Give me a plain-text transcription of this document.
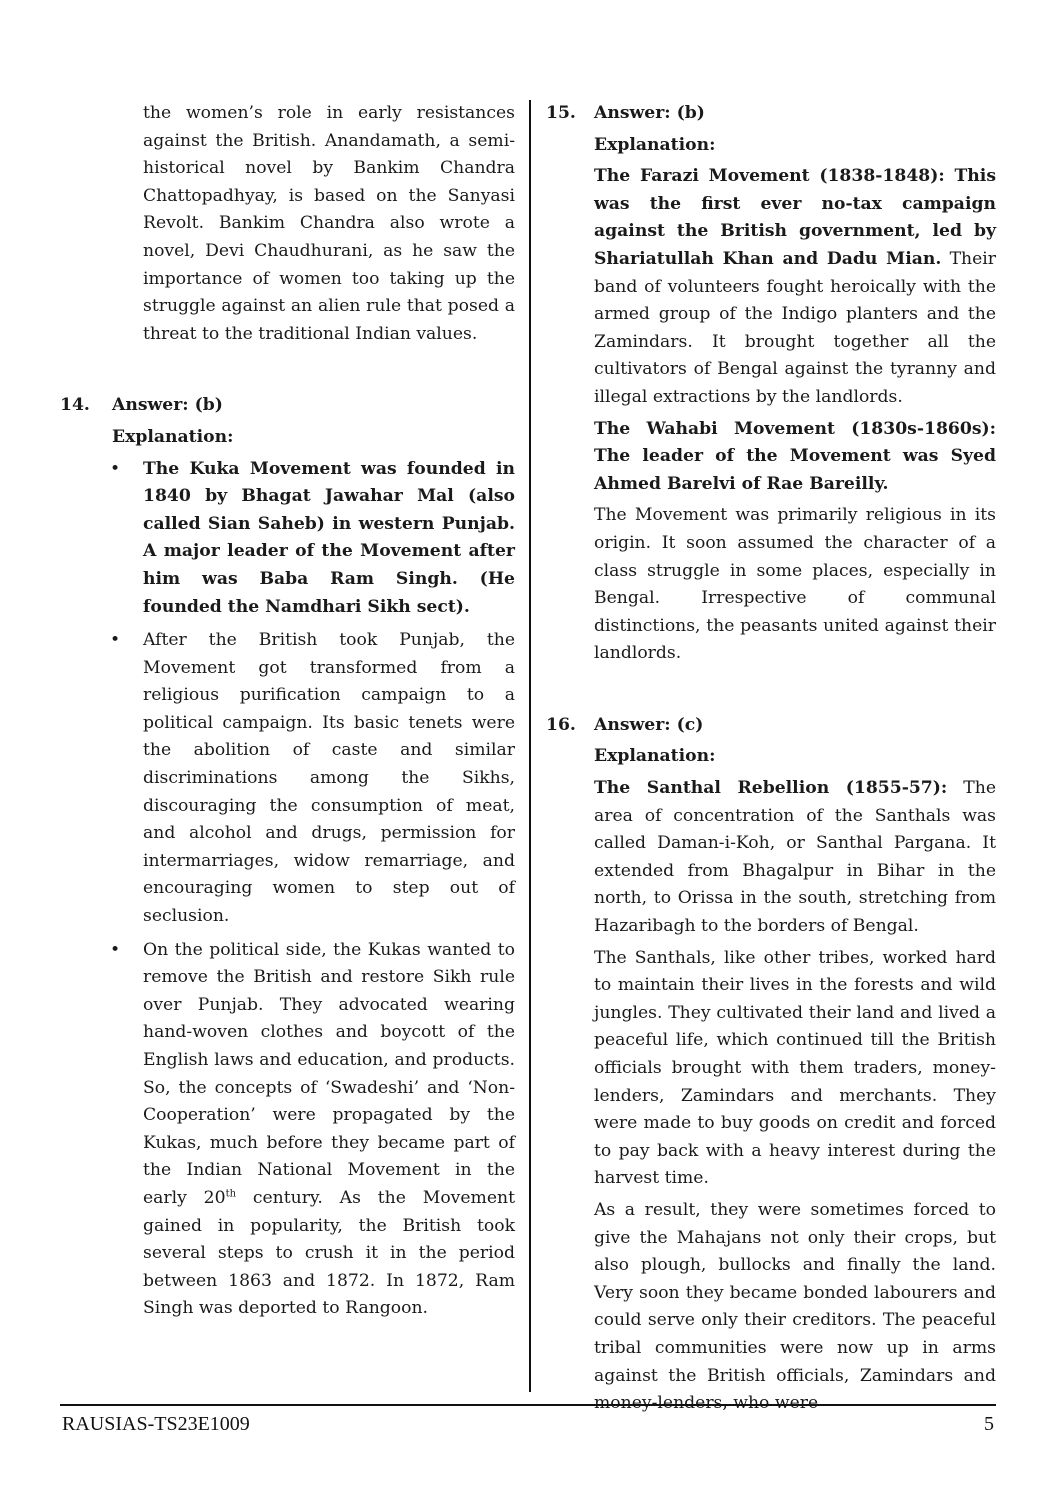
the women’s role in early resistances against the British. Anandamath, a semi-historical novel by Bankim Chandra Chattopadhyay, is based on the Sanyasi Revolt. Bankim Chandra also wrote a novel, Devi Chaudhurani, as he saw the importance of women too taking up the struggle against an alien rule that posed a threat to the traditional Indian values.

14.	Answer: (b)

Explanation:

• The Kuka Movement was founded in 1840 by Bhagat Jawahar Mal (also called Sian Saheb) in western Punjab. A major leader of the Movement after him was Baba Ram Singh. (He founded the Namdhari Sikh sect).
• After the British took Punjab, the Movement got transformed from a religious purification campaign to a political campaign. Its basic tenets were the abolition of caste and similar discriminations among the Sikhs, discouraging the consumption of meat, and alcohol and drugs, permission for intermarriages, widow remarriage, and encouraging women to step out of seclusion.
• On the political side, the Kukas wanted to remove the British and restore Sikh rule over Punjab. They advocated wearing hand-woven clothes and boycott of the English laws and education, and products. So, the concepts of ‘Swadeshi’ and ‘Non-Cooperation’ were propagated by the Kukas, much before they became part of the Indian National Movement in the early 20th century. As the Movement gained in popularity, the British took several steps to crush it in the period between 1863 and 1872. In 1872, Ram Singh was deported to Rangoon.
15.	Answer: (b)

Explanation:

The Farazi Movement (1838-1848): This was the first ever no-tax campaign against the British government, led by Shariatullah Khan and Dadu Mian. Their band of volunteers fought heroically with the armed group of the Indigo planters and the Zamindars. It brought together all the cultivators of Bengal against the tyranny and illegal extractions by the landlords.

The Wahabi Movement (1830s-1860s): The leader of the Movement was Syed Ahmed Barelvi of Rae Bareilly.

The Movement was primarily religious in its origin. It soon assumed the character of a class struggle in some places, especially in Bengal. Irrespective of communal distinctions, the peasants united against their landlords.

16.	Answer: (c)

Explanation:

The Santhal Rebellion (1855-57): The area of concentration of the Santhals was called Daman-i-Koh, or Santhal Pargana. It extended from Bhagalpur in Bihar in the north, to Orissa in the south, stretching from Hazaribagh to the borders of Bengal.

The Santhals, like other tribes, worked hard to maintain their lives in the forests and wild jungles. They cultivated their land and lived a peaceful life, which continued till the British officials brought with them traders, money-lenders, Zamindars and merchants. They were made to buy goods on credit and forced to pay back with a heavy interest during the harvest time.

As a result, they were sometimes forced to give the Mahajans not only their crops, but also plough, bullocks and finally the land. Very soon they became bonded labourers and could serve only their creditors. The peaceful tribal communities were now up in arms against the British officials, Zamindars and

RAUSIAS-TS23E1009	5
